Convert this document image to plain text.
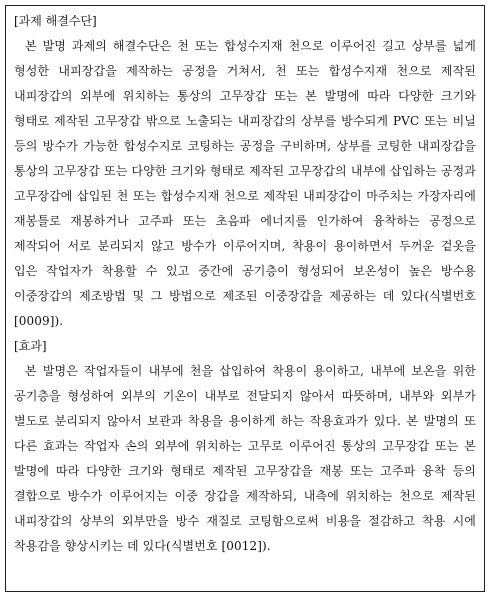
[과제 해결수단]

본 발명 과제의 해결수단은 천 또는 합성수지재 천으로 이루어진 길고 상부를 넓게 형성한 내피장갑을 제작하는 공정을 거쳐서, 천 또는 합성수지재 천으로 제작된 내피장갑의 외부에 위치하는 통상의 고무장갑 또는 본 발명에 따라 다양한 크기와 형태로 제작된 고무장갑 밖으로 노출되는 내피장갑의 상부를 방수되게 PVC 또는 비닐 등의 방수가 가능한 합성수지로 코팅하는 공정을 구비하며, 상부를 코팅한 내피장갑을 통상의 고무장갑 또는 다양한 크기와 형태로 제작된 고무장갑의 내부에 삽입하는 공정과 고무장갑에 삽입된 천 또는 합성수지재 천으로 제작된 내피장갑이 마주치는 가장자리에 재봉틀로 재봉하거나 고주파 또는 초음파 에너지를 인가하여 융착하는 공정으로 제작되어 서로 분리되지 않고 방수가 이루어지며, 착용이 용이하면서 두꺼운 겉옷을 입은 작업자가 착용할 수 있고 중간에 공기층이 형성되어 보온성이 높은 방수용 이중장갑의 제조방법 및 그 방법으로 제조된 이중장갑을 제공하는 데 있다(식별번호 [0009]).

[효과]

본 발명은 작업자들이 내부에 천을 삽입하여 착용이 용이하고, 내부에 보온을 위한 공기층을 형성하여 외부의 기온이 내부로 전달되지 않아서 따뜻하며, 내부와 외부가 별도로 분리되지 않아서 보관과 착용을 용이하게 하는 작용효과가 있다. 본 발명의 또 다른 효과는 작업자 손의 외부에 위치하는 고무로 이루어진 통상의 고무장갑 또는 본 발명에 따라 다양한 크기와 형태로 제작된 고무장갑을 재봉 또는 고주파 융착 등의 결합으로 방수가 이루어지는 이중 장갑을 제작하되, 내측에 위치하는 천으로 제작된 내피장갑의 상부의 외부만을 방수 재질로 코팅함으로써 비용을 절감하고 착용 시에 착용감을 향상시키는 데 있다(식별번호 [0012]).
